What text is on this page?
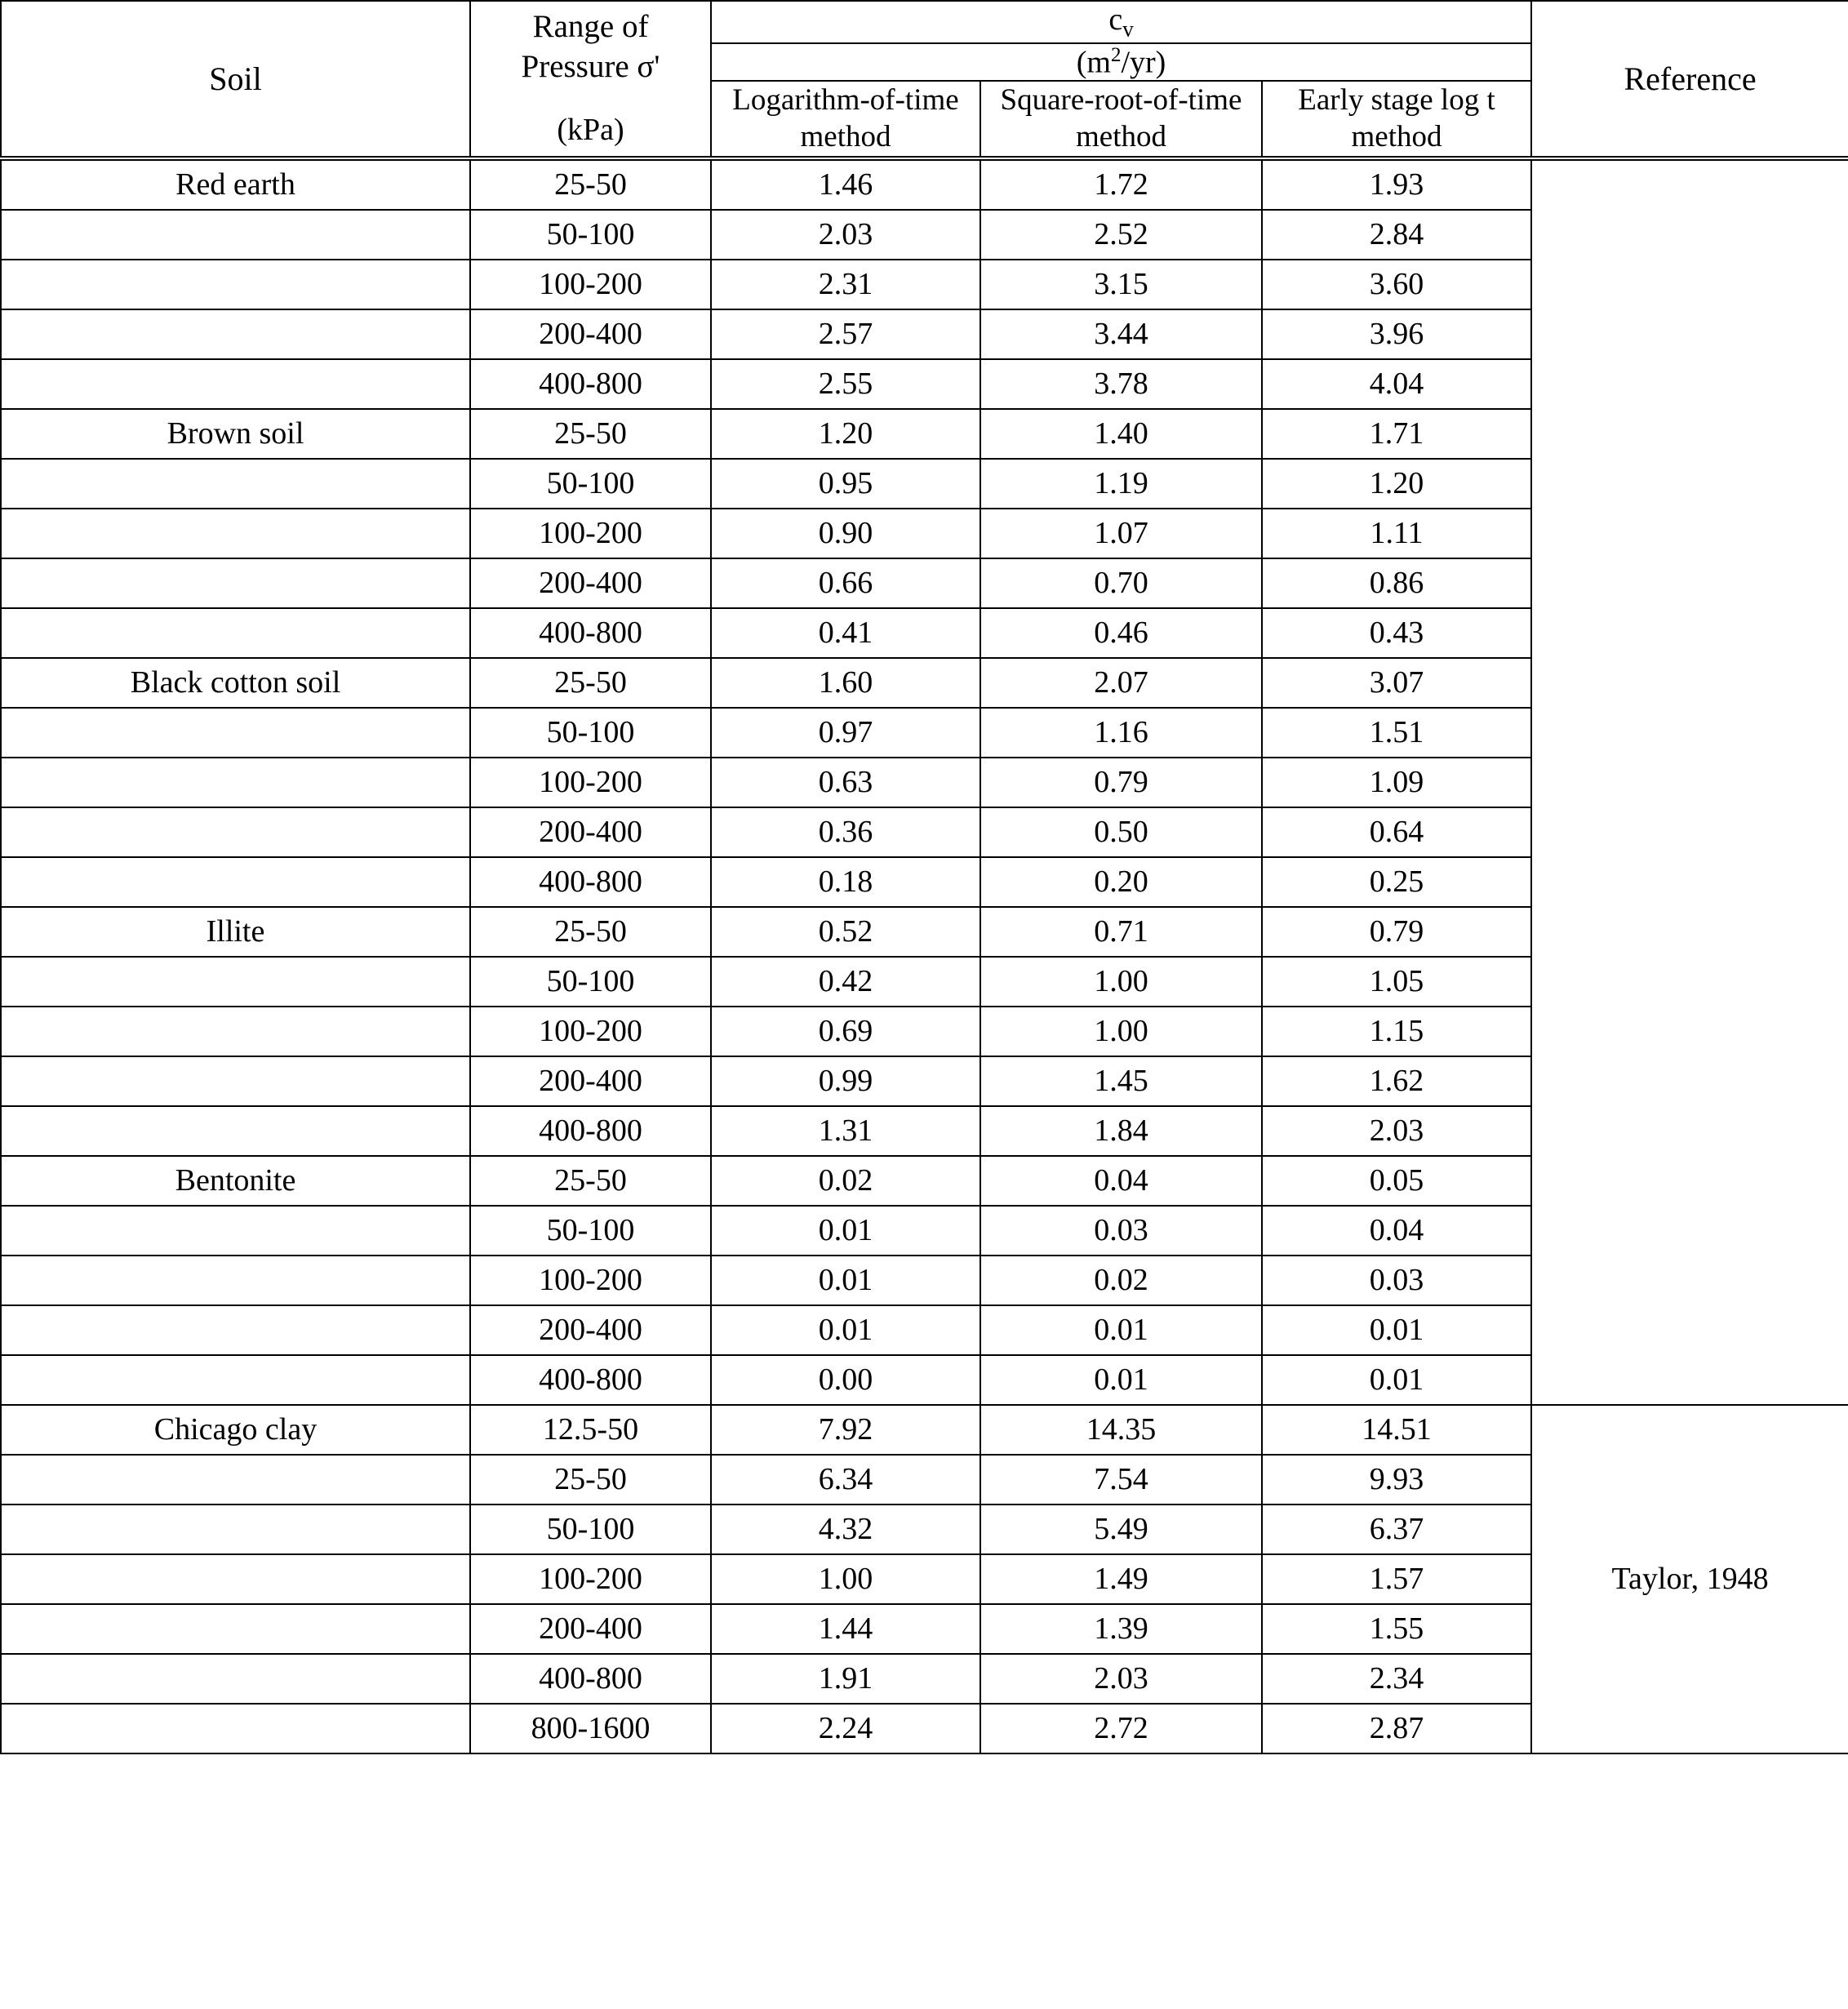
Soil	Range of
Pressure σ'
(kPa)	$c_v$			Reference
		$(m^2/yr)$			
		Logarithm-of-time method	Square-root-of-time method	Early stage log t method	
Red earth	25-50	1.46	1.72	1.93	
	50-100	2.03	2.52	2.84	
	100-200	2.31	3.15	3.60	
	200-400	2.57	3.44	3.96	
	400-800	2.55	3.78	4.04	
Brown soil	25-50	1.20	1.40	1.71	
	50-100	0.95	1.19	1.20	
	100-200	0.90	1.07	1.11	
	200-400	0.66	0.70	0.86	
	400-800	0.41	0.46	0.43	
Black cotton soil	25-50	1.60	2.07	3.07	
	50-100	0.97	1.16	1.51	
	100-200	0.63	0.79	1.09	
	200-400	0.36	0.50	0.64	
	400-800	0.18	0.20	0.25	
Illite	25-50	0.52	0.71	0.79	
	50-100	0.42	1.00	1.05	
	100-200	0.69	1.00	1.15	
	200-400	0.99	1.45	1.62	
	400-800	1.31	1.84	2.03	
Bentonite	25-50	0.02	0.04	0.05	
	50-100	0.01	0.03	0.04	
	100-200	0.01	0.02	0.03	
	200-400	0.01	0.01	0.01	
	400-800	0.00	0.01	0.01	
Chicago clay	12.5-50	7.92	14.35	14.51	Taylor, 1948
	25-50	6.34	7.54	9.93	
	50-100	4.32	5.49	6.37	
	100-200	1.00	1.49	1.57	
	200-400	1.44	1.39	1.55	
	400-800	1.91	2.03	2.34	
	800-1600	2.24	2.72	2.87	
